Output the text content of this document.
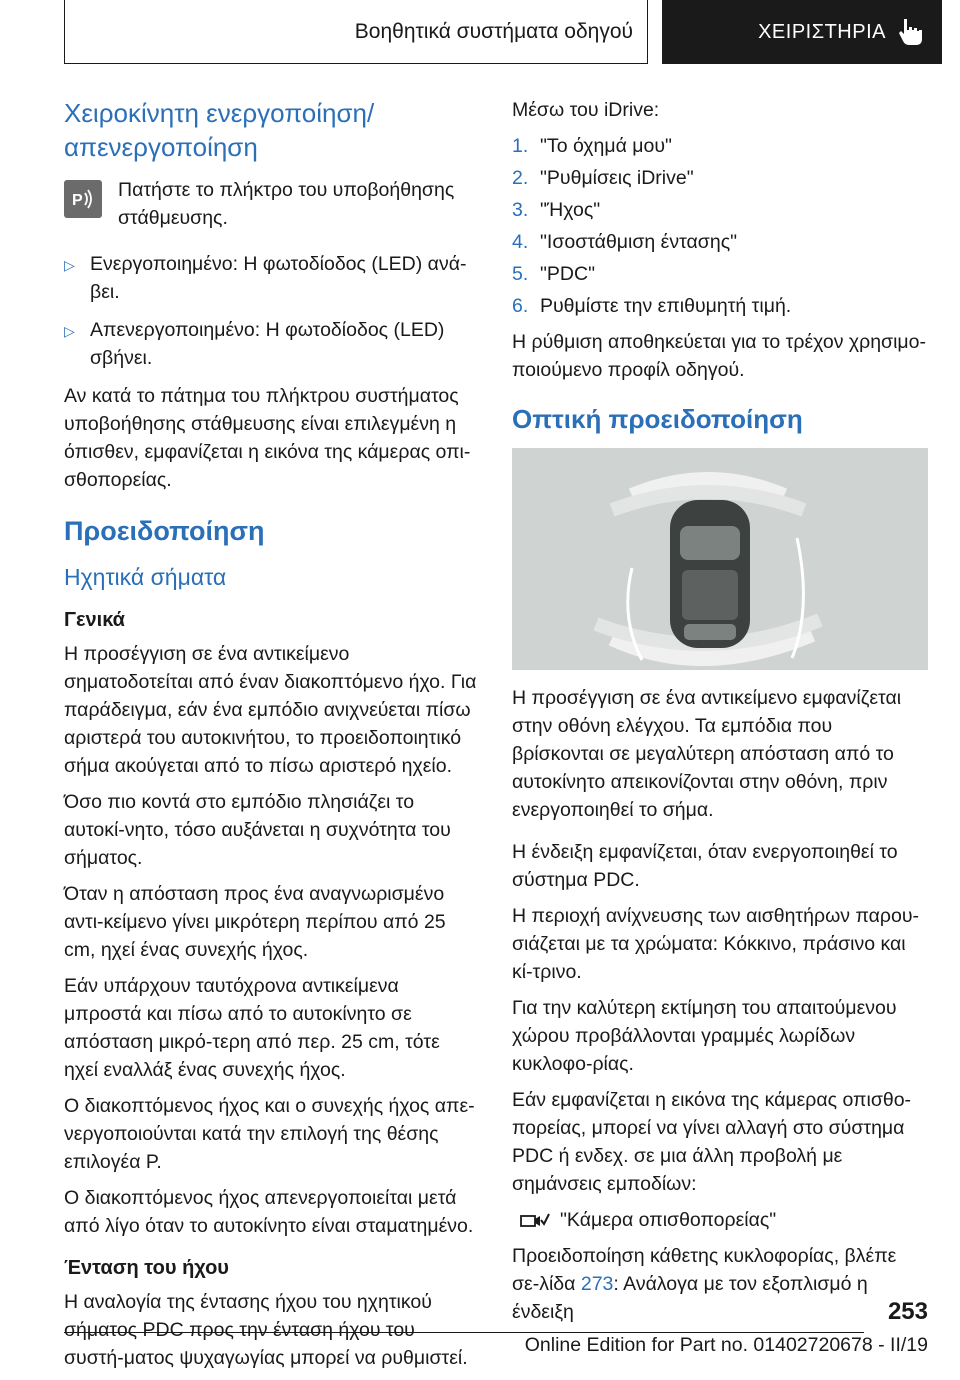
Βοηθητικά συστήματα οδηγού	ΧΕΙΡΙΣΤΗΡΙΑ
Χειροκίνητη ενεργοποίηση/απενεργοποίηση
P Πατήστε το πλήκτρο του υποβοήθησης στάθμευσης.
▷ Ενεργοποιημένο: Η φωτοδίοδος (LED) ανά-βει.
▷ Απενεργοποιημένο: Η φωτοδίοδος (LED) σβήνει.

Αν κατά το πάτημα του πλήκτρου συστήματος υποβοήθησης στάθμευσης είναι επιλεγμένη η όπισθεν, εμφανίζεται η εικόνα της κάμερας οπι-σθοπορείας.

Προειδοποίηση
Ηχητικά σήματα
Γενικά

Η προσέγγιση σε ένα αντικείμενο σηματοδοτείται από έναν διακοπτόμενο ήχο. Για παράδειγμα, εάν ένα εμπόδιο ανιχνεύεται πίσω αριστερά του αυτοκινήτου, το προειδοποιητικό σήμα ακούγεται από το πίσω αριστερό ηχείο.

Όσο πιο κοντά στο εμπόδιο πλησιάζει το αυτοκί-νητο, τόσο αυξάνεται η συχνότητα του σήματος.

Όταν η απόσταση προς ένα αναγνωρισμένο αντι-κείμενο γίνει μικρότερη περίπου από 25 cm, ηχεί ένας συνεχής ήχος.

Εάν υπάρχουν ταυτόχρονα αντικείμενα μπροστά και πίσω από το αυτοκίνητο σε απόσταση μικρό-τερη από περ. 25 cm, τότε ηχεί εναλλάξ ένας συνεχής ήχος.

Ο διακοπτόμενος ήχος και ο συνεχής ήχος απε-νεργοποιούνται κατά την επιλογή της θέσης επιλογέα P.

Ο διακοπτόμενος ήχος απενεργοποιείται μετά από λίγο όταν το αυτοκίνητο είναι σταματημένο.

Ένταση του ήχου

Η αναλογία της έντασης ήχου του ηχητικού σήματος PDC προς την ένταση ήχου του συστή-ματος ψυχαγωγίας μπορεί να ρυθμιστεί.

Μέσω του iDrive:

1. "Το όχημά μου"
2. "Ρυθμίσεις iDrive"
3. "Ήχος"
4. "Ισοστάθμιση έντασης"
5. "PDC"
6. Ρυθμίστε την επιθυμητή τιμή.

Η ρύθμιση αποθηκεύεται για το τρέχον χρησιμο-ποιούμενο προφίλ οδηγού.

Οπτική προειδοποίηση

Η προσέγγιση σε ένα αντικείμενο εμφανίζεται στην οθόνη ελέγχου. Τα εμπόδια που βρίσκονται σε μεγαλύτερη απόσταση από το αυτοκίνητο απεικονίζονται στην οθόνη, πριν ενεργοποιηθεί το σήμα.

Η ένδειξη εμφανίζεται, όταν ενεργοποιηθεί το σύστημα PDC.

Η περιοχή ανίχνευσης των αισθητήρων παρου-σιάζεται με τα χρώματα: Κόκκινο, πράσινο και κί-τρινο.

Για την καλύτερη εκτίμηση του απαιτούμενου χώρου προβάλλονται γραμμές λωρίδων κυκλοφο-ρίας.

Εάν εμφανίζεται η εικόνα της κάμερας οπισθο-πορείας, μπορεί να γίνει αλλαγή στο σύστημα PDC ή ενδεχ. σε μια άλλη προβολή με σημάνσεις εμποδίων:

"Κάμερα οπισθοπορείας"

Προειδοποίηση κάθετης κυκλοφορίας, βλέπε σε-λίδα 273: Ανάλογα με τον εξοπλισμό η ένδειξη	253
Online Edition for Part no. 01402720678 - II/19
